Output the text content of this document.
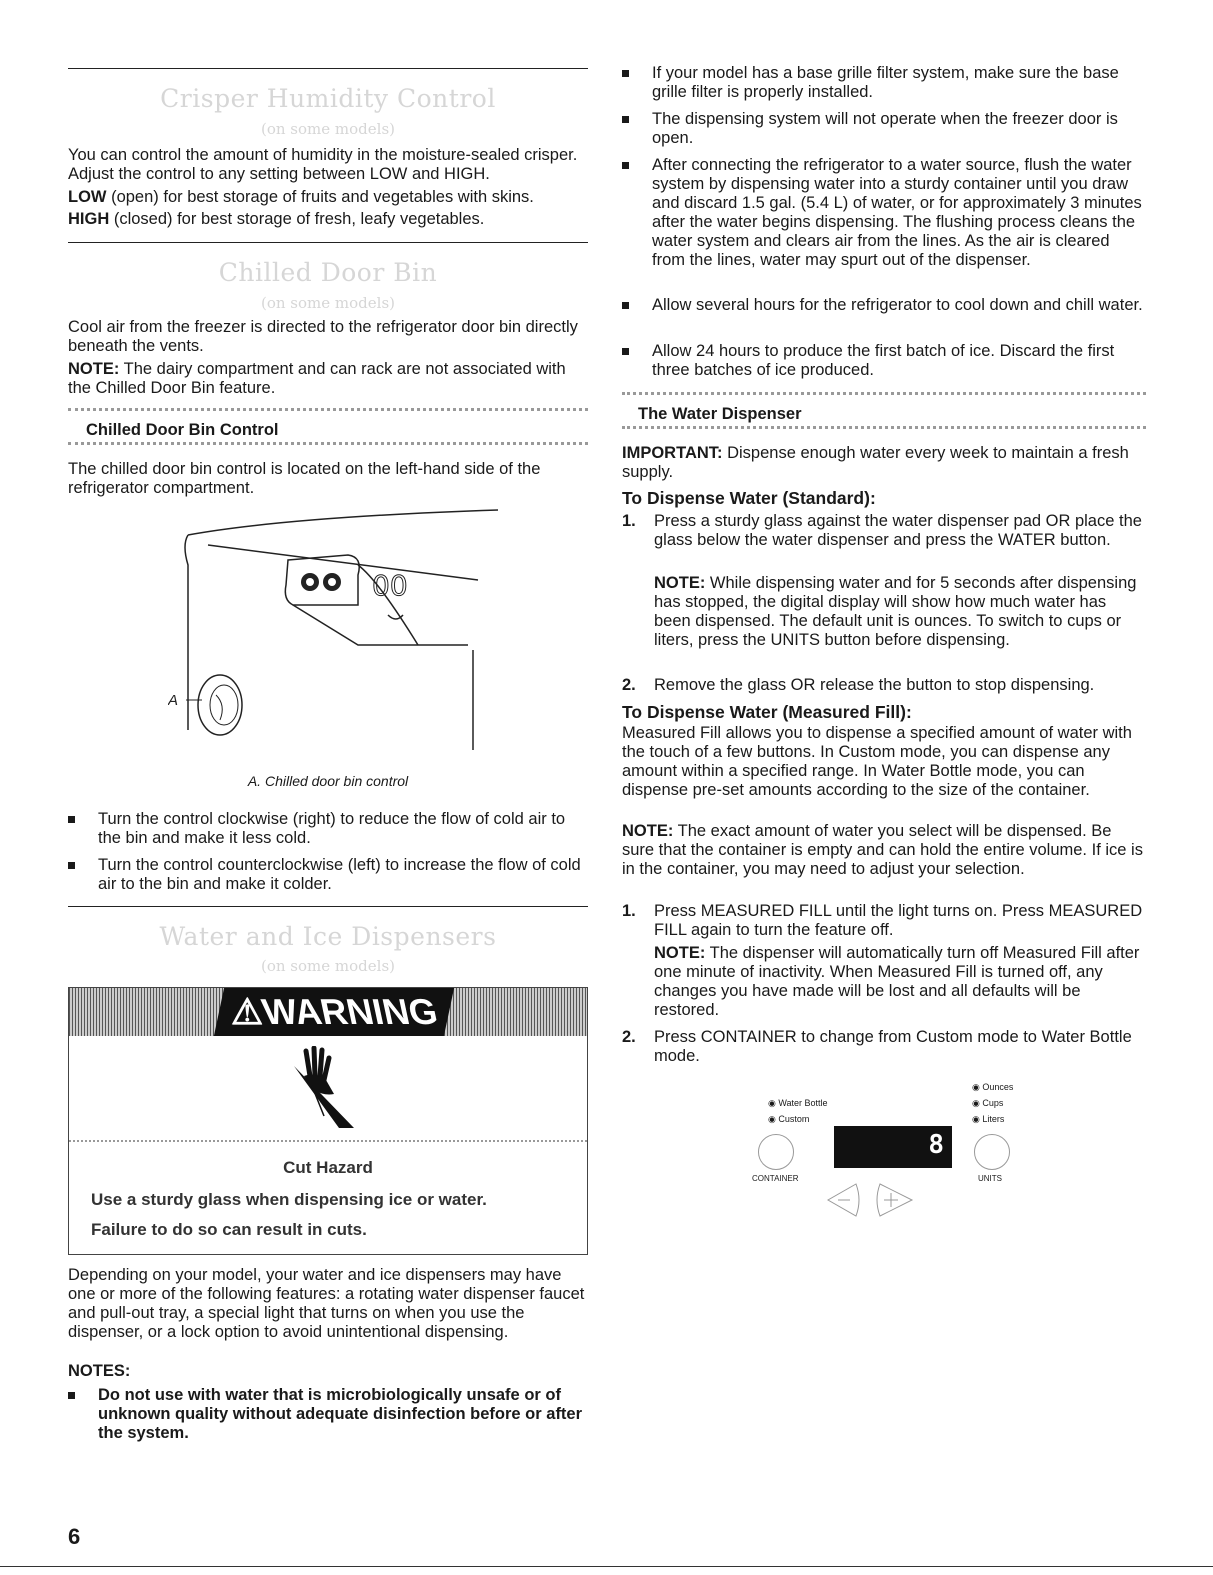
Crisper Humidity Control
(on some models)

You can control the amount of humidity in the moisture-sealed crisper. Adjust the control to any setting between LOW and HIGH.

LOW (open) for best storage of fruits and vegetables with skins.

HIGH (closed) for best storage of fresh, leafy vegetables.

Chilled Door Bin
(on some models)

Cool air from the freezer is directed to the refrigerator door bin directly beneath the vents.

NOTE: The dairy compartment and can rack are not associated with the Chilled Door Bin feature.

Chilled Door Bin Control

The chilled door bin control is located on the left-hand side of the refrigerator compartment.

00
A
A. Chilled door bin control
Turn the control clockwise (right) to reduce the flow of cold air to the bin and make it less cold.
Turn the control counterclockwise (left) to increase the flow of cold air to the bin and make it colder.
Water and Ice Dispensers
(on some models)
⚠WARNING
Cut Hazard
Use a sturdy glass when dispensing ice or water.
Failure to do so can result in cuts.

Depending on your model, your water and ice dispensers may have one or more of the following features: a rotating water dispenser faucet and pull-out tray, a special light that turns on when you use the dispenser, or a lock option to avoid unintentional dispensing.

NOTES:
Do not use with water that is microbiologically unsafe or of unknown quality without adequate disinfection before or after the system.
6
If your model has a base grille filter system, make sure the base grille filter is properly installed.
The dispensing system will not operate when the freezer door is open.
After connecting the refrigerator to a water source, flush the water system by dispensing water into a sturdy container until you draw and discard 1.5 gal. (5.4 L) of water, or for approximately 3 minutes after the water begins dispensing. The flushing process cleans the water system and clears air from the lines. As the air is cleared from the lines, water may spurt out of the dispenser.
Allow several hours for the refrigerator to cool down and chill water.
Allow 24 hours to produce the first batch of ice. Discard the first three batches of ice produced.
The Water Dispenser

IMPORTANT: Dispense enough water every week to maintain a fresh supply.

To Dispense Water (Standard):
1. Press a sturdy glass against the water dispenser pad OR place the glass below the water dispenser and press the WATER button.

NOTE: While dispensing water and for 5 seconds after dispensing has stopped, the digital display will show how much water has been dispensed. The default unit is ounces. To switch to cups or liters, press the UNITS button before dispensing.

2. Remove the glass OR release the button to stop dispensing.
To Dispense Water (Measured Fill):

Measured Fill allows you to dispense a specified amount of water with the touch of a few buttons. In Custom mode, you can dispense any amount within a specified range. In Water Bottle mode, you can dispense pre-set amounts according to the size of the container.

NOTE: The exact amount of water you select will be dispensed. Be sure that the container is empty and can hold the entire volume. If ice is in the container, you may need to adjust your selection.

1. Press MEASURED FILL until the light turns on. Press MEASURED FILL again to turn the feature off.

NOTE: The dispenser will automatically turn off Measured Fill after one minute of inactivity. When Measured Fill is turned off, any changes you have made will be lost and all defaults will be restored.

2. Press CONTAINER to change from Custom mode to Water Bottle mode.
◉ Water Bottle
◉ Custom
◉ Ounces
◉ Cups
◉ Liters
CONTAINER
8
UNITS
